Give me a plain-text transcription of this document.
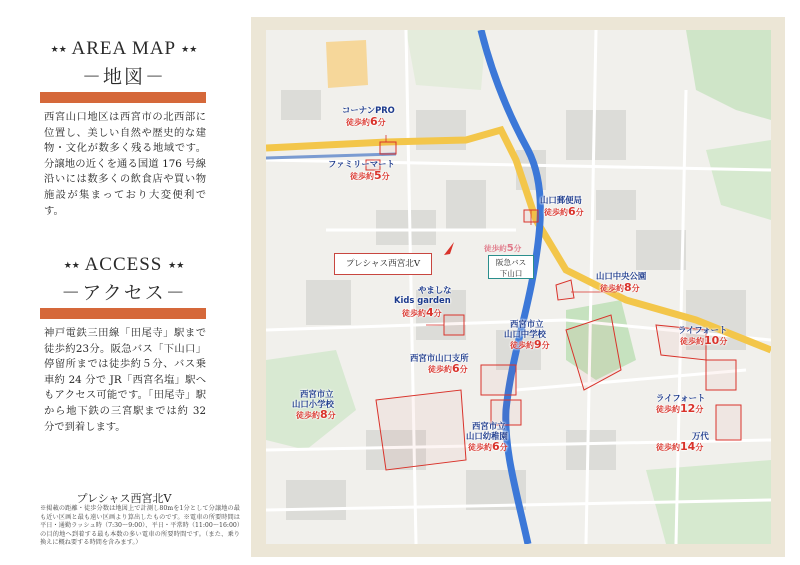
★★ AREA MAP ★★
－地図－
西宮山口地区は西宮市の北西部に位置し、美しい自然や歴史的な建物・文化が数多く残る地域です。分譲地の近くを通る国道 176 号線沿いには数多くの飲食店や買い物施設が集まっており大変便利です。
★★ ACCESS ★★
－アクセス－
神戸電鉄三田線「田尾寺」駅まで徒歩約23分。阪急バス「下山口」停留所までは徒歩約５分、バス乗車約 24 分で JR「西宮名塩」駅へもアクセス可能です。「田尾寺」駅から地下鉄の三宮駅までは約 32 分で到着します。
プレシャス西宮北Ⅴ
※掲載の距離・徒歩分数は地図上で計測し80mを1分として分譲地の最も近い区画と最も遠い区画より算出したものです。※電車の所要時間は平日・通勤ラッシュ時（7:30〜9:00）、平日・平常時（11:00〜16:00）の目的地へ到着する最も本数の多い電車の所要時間です。（また、乗り換えに概ね要する時間を含みます。）
プレシャス西宮北Ⅴ
徒歩約5分
阪急バス
下山口
コーナンPRO
徒歩約6分
ファミリーマート
徒歩約5分
山口郵便局
徒歩約6分
山口中央公園
徒歩約8分
やましな
Kids garden
徒歩約4分
西宮市立
山口中学校
徒歩約9分
ライフォート
徒歩約10分
西宮市山口支所
徒歩約6分
西宮市立
山口小学校
徒歩約8分
ライフォート
徒歩約12分
西宮市立
山口幼稚園
徒歩約6分
万代
徒歩約14分
